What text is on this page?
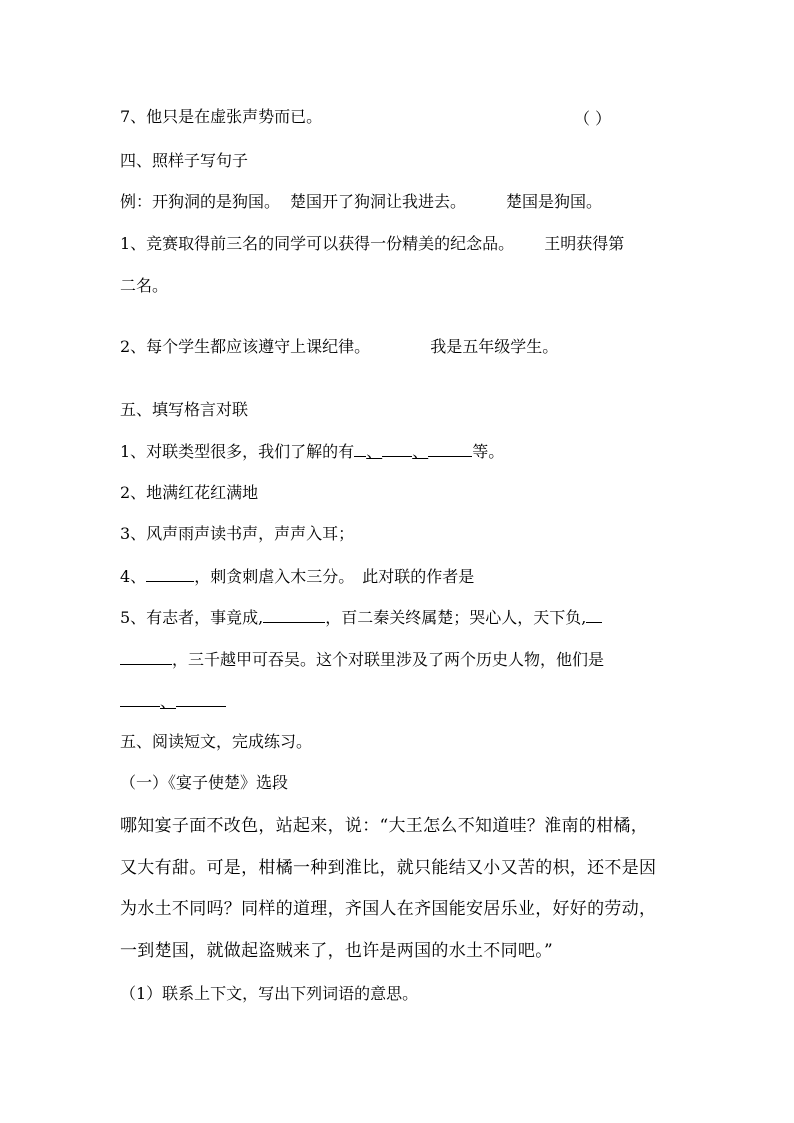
7、他只是在虚张声势而已。	（ ）
四、照样子写句子
例：开狗洞的是狗国。 楚国开了狗洞让我进去。	楚国是狗国。
1、竞赛取得前三名的同学可以获得一份精美的纪念品。 王明获得第
二名。
2、每个学生都应该遵守上课纪律。	我是五年级学生。
五、填写格言对联
1、对联类型很多，我们了解的有 、 、	等。
2、地满红花红满地
3、风声雨声读书声，声声入耳；
4、	，刺贪刺虐入木三分。 此对联的作者是
5、有志者，事竟成,	，百二秦关终属楚；哭心人，天下负,
，三千越甲可吞吴。这个对联里涉及了两个历史人物，他们是
、
五、阅读短文，完成练习。
（一）《宴子使楚》选段
哪知宴子面不改色，站起来，说：“大王怎么不知道哇？淮南的柑橘，
又大有甜。可是，柑橘一种到淮比，就只能结又小又苦的枳，还不是因
为水土不同吗？同样的道理，齐国人在齐国能安居乐业，好好的劳动，
一到楚国，就做起盗贼来了，也许是两国的水土不同吧。”
（1）联系上下文，写出下列词语的意思。
